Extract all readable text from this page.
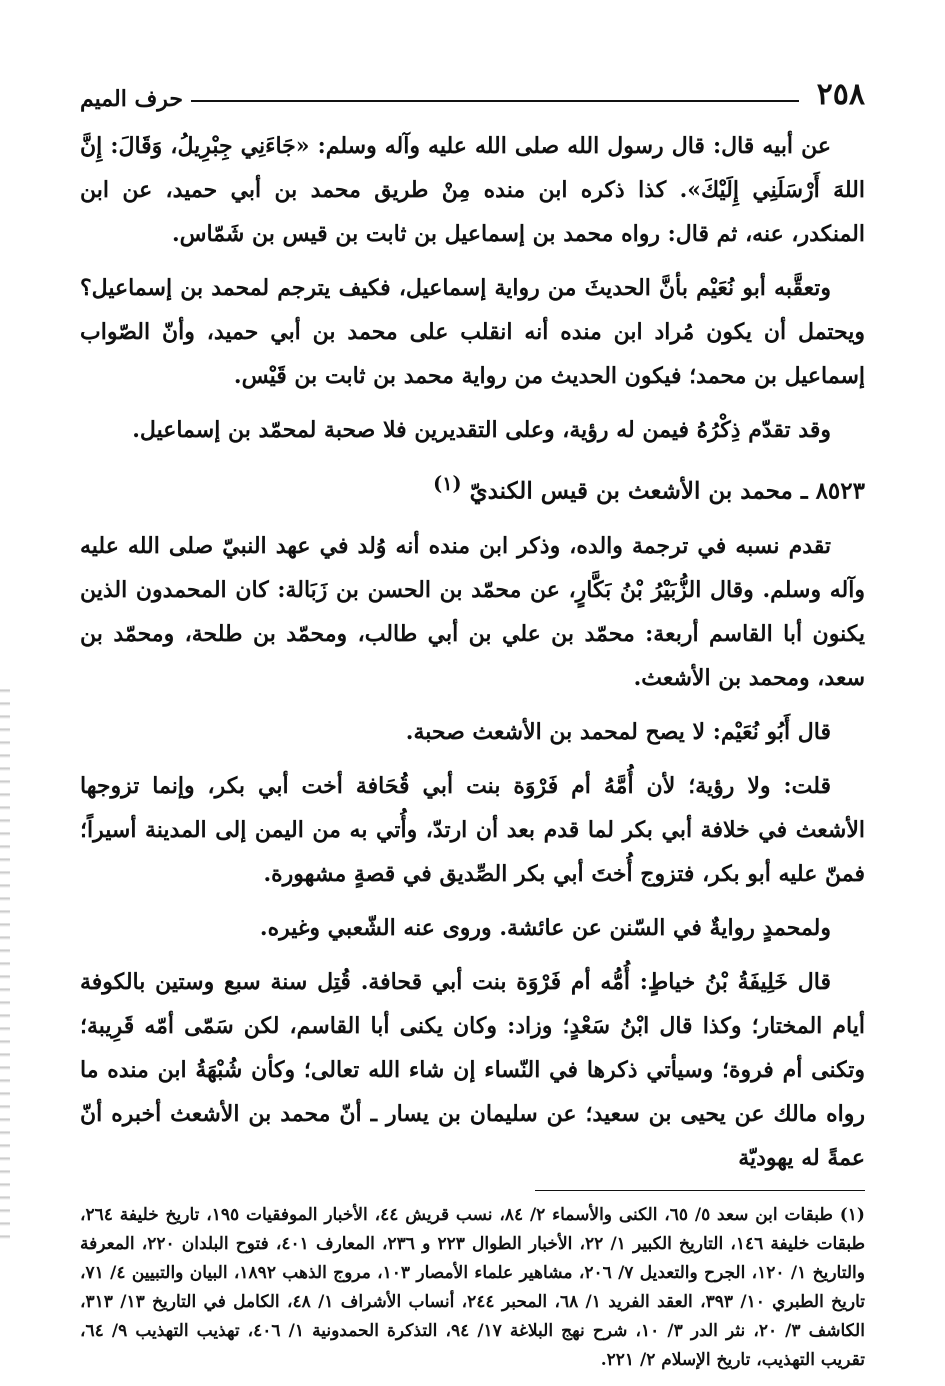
٢٥٨
حرف الميم

عن أبيه قال: قال رسول الله صلى الله عليه وآله وسلم: «جَاءَنِي جِبْرِيلُ، وَقَالَ: إِنَّ اللهَ أَرْسَلَنِي إِلَيْكَ». كذا ذكره ابن منده مِنْ طريق محمد بن أبي حميد، عن ابن المنكدر، عنه، ثم قال: رواه محمد بن إسماعيل بن ثابت بن قيس بن شَمّاس.

وتعقَّبه أبو نُعَيْم بأنَّ الحديثَ من رواية إسماعيل، فكيف يترجم لمحمد بن إسماعيل؟ ويحتمل أن يكون مُراد ابن منده أنه انقلب على محمد بن أبي حميد، وأنّ الصّواب إسماعيل بن محمد؛ فيكون الحديث من رواية محمد بن ثابت بن قَيْس.

وقد تقدّم ذِكْرُهُ فيمن له رؤية، وعلى التقديرين فلا صحبة لمحمّد بن إسماعيل.

٨٥٢٣ ـ محمد بن الأشعث بن قيس الكنديّ $^{(١)}$

تقدم نسبه في ترجمة والده، وذكر ابن منده أنه وُلد في عهد النبيّ صلى الله عليه وآله وسلم. وقال الزُّبَيْرُ بْنُ بَكَّارٍ، عن محمّد بن الحسن بن زَبَالة: كان المحمدون الذين يكنون أبا القاسم أربعة: محمّد بن علي بن أبي طالب، ومحمّد بن طلحة، ومحمّد بن سعد، ومحمد بن الأشعث.

قال أَبُو نُعَيْم: لا يصح لمحمد بن الأشعث صحبة.

قلت: ولا رؤية؛ لأن أُمَّهُ أم فَرْوَة بنت أبي قُحَافة أخت أبي بكر، وإنما تزوجها الأشعث في خلافة أبي بكر لما قدم بعد أن ارتدّ، وأُتي به من اليمن إلى المدينة أسيراً؛ فمنّ عليه أبو بكر، فتزوج أُختَ أبي بكر الصِّديق في قصةٍ مشهورة.

ولمحمدٍ روايةٌ في السّنن عن عائشة. وروى عنه الشّعبي وغيره.

قال خَلِيفَةُ بْنُ خياطٍ: أُمُّه أم فَرْوَة بنت أبي قحافة. قُتِل سنة سبع وستين بالكوفة أيام المختار؛ وكذا قال ابْنُ سَعْدٍ؛ وزاد: وكان يكنى أبا القاسم، لكن سَمّى أمّه قَرِيبة؛ وتكنى أم فروة؛ وسيأتي ذكرها في النّساء إن شاء الله تعالى؛ وكأن شُبْهَةُ ابن منده ما رواه مالك عن يحيى بن سعيد؛ عن سليمان بن يسار ـ أنّ محمد بن الأشعث أخبره أنّ عمةً له يهوديّة

(١) طبقات ابن سعد ٥/ ٦٥، الكنى والأسماء ٢/ ٨٤، نسب قريش ٤٤، الأخبار الموفقيات ١٩٥، تاريخ خليفة ٢٦٤، طبقات خليفة ١٤٦، التاريخ الكبير ١/ ٢٢، الأخبار الطوال ٢٢٣ و ٢٣٦، المعارف ٤٠١، فتوح البلدان ٢٢٠، المعرفة والتاريخ ١/ ١٢٠، الجرح والتعديل ٧/ ٢٠٦، مشاهير علماء الأمصار ١٠٣، مروج الذهب ١٨٩٢، البيان والتبيين ٤/ ٧١، تاريخ الطبري ١٠/ ٣٩٣، العقد الفريد ١/ ٦٨، المحبر ٢٤٤، أنساب الأشراف ١/ ٤٨، الكامل في التاريخ ١٣/ ٣١٣، الكاشف ٣/ ٢٠، نثر الدر ٣/ ١٠، شرح نهج البلاغة ١٧/ ٩٤، التذكرة الحمدونية ١/ ٤٠٦، تهذيب التهذيب ٩/ ٦٤، تقريب التهذيب، تاريخ الإسلام ٢/ ٢٢١.
